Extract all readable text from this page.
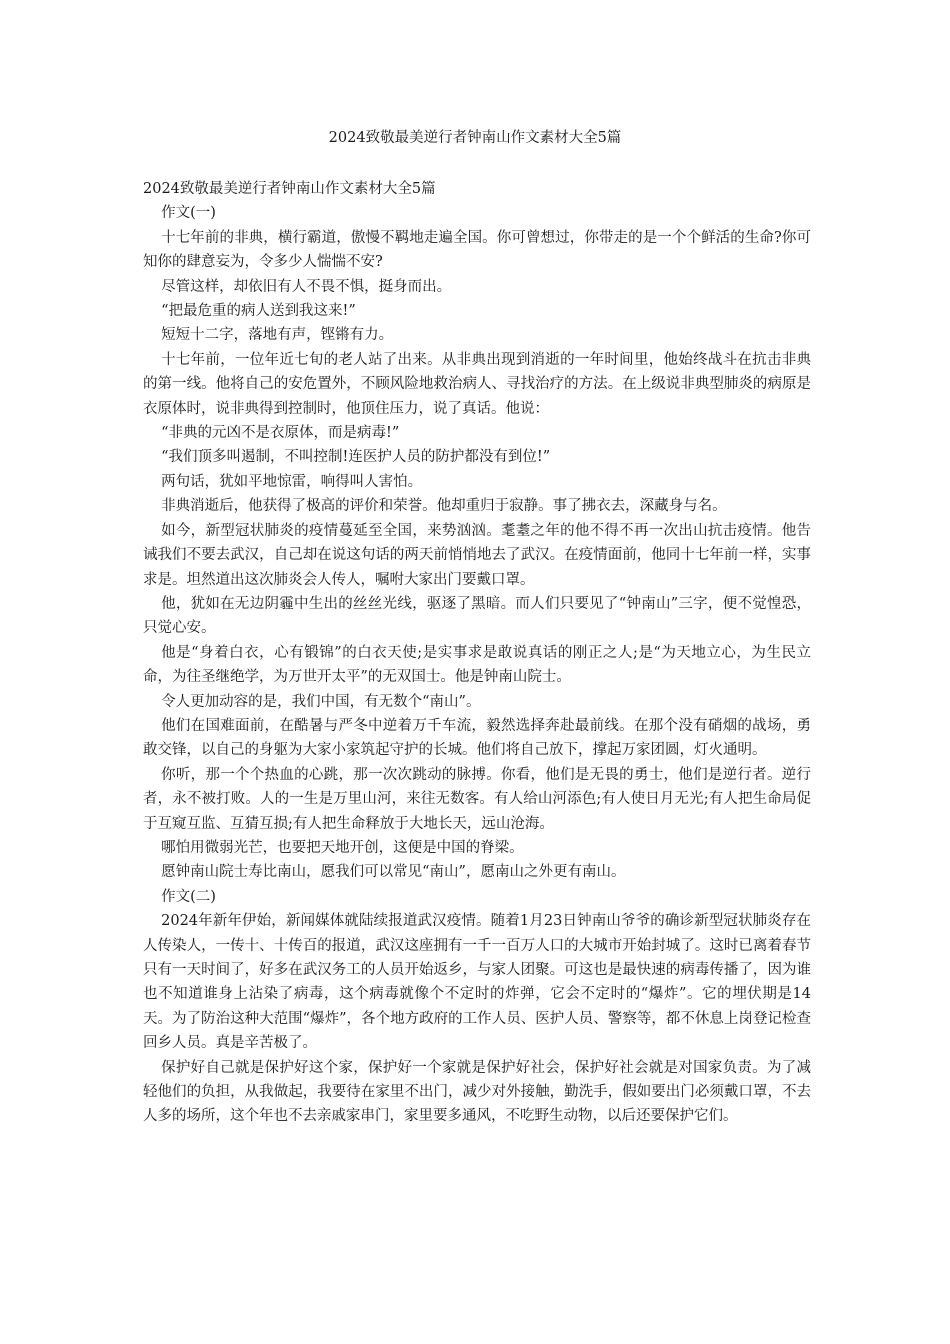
2024致敬最美逆行者钟南山作文素材大全5篇

2024致敬最美逆行者钟南山作文素材大全5篇

作文(一)

十七年前的非典，横行霸道，傲慢不羁地走遍全国。你可曾想过，你带走的是一个个鲜活的生命?你可知你的肆意妄为，令多少人惴惴不安?

尽管这样，却依旧有人不畏不惧，挺身而出。

“把最危重的病人送到我这来!”

短短十二字，落地有声，铿锵有力。

十七年前，一位年近七旬的老人站了出来。从非典出现到消逝的一年时间里，他始终战斗在抗击非典的第一线。他将自己的安危置外，不顾风险地救治病人、寻找治疗的方法。在上级说非典型肺炎的病原是衣原体时，说非典得到控制时，他顶住压力，说了真话。他说：

“非典的元凶不是衣原体，而是病毒!”

“我们顶多叫遏制，不叫控制!连医护人员的防护都没有到位!”

两句话，犹如平地惊雷，响得叫人害怕。

非典消逝后，他获得了极高的评价和荣誉。他却重归于寂静。事了拂衣去，深藏身与名。

如今，新型冠状肺炎的疫情蔓延至全国，来势汹汹。耄耋之年的他不得不再一次出山抗击疫情。他告诫我们不要去武汉，自己却在说这句话的两天前悄悄地去了武汉。在疫情面前，他同十七年前一样，实事求是。坦然道出这次肺炎会人传人，嘱咐大家出门要戴口罩。

他，犹如在无边阴霾中生出的丝丝光线，驱逐了黑暗。而人们只要见了“钟南山”三字，便不觉惶恐，只觉心安。

他是“身着白衣，心有锻锦”的白衣天使;是实事求是敢说真话的刚正之人;是“为天地立心，为生民立命，为往圣继绝学，为万世开太平”的无双国士。他是钟南山院士。

令人更加动容的是，我们中国，有无数个“南山”。

他们在国难面前，在酷暑与严冬中逆着万千车流，毅然选择奔赴最前线。在那个没有硝烟的战场，勇敢交锋，以自己的身躯为大家小家筑起守护的长城。他们将自己放下，撑起万家团圆，灯火通明。

你听，那一个个热血的心跳，那一次次跳动的脉搏。你看，他们是无畏的勇士，他们是逆行者。逆行者，永不被打败。人的一生是万里山河，来往无数客。有人给山河添色;有人使日月无光;有人把生命局促于互窥互监、互猜互损;有人把生命释放于大地长天，远山沧海。

哪怕用微弱光芒，也要把天地开创，这便是中国的脊梁。

愿钟南山院士寿比南山，愿我们可以常见“南山”，愿南山之外更有南山。

作文(二)

2024年新年伊始，新闻媒体就陆续报道武汉疫情。随着1月23日钟南山爷爷的确诊新型冠状肺炎存在人传染人，一传十、十传百的报道，武汉这座拥有一千一百万人口的大城市开始封城了。这时已离着春节只有一天时间了，好多在武汉务工的人员开始返乡，与家人团聚。可这也是最快速的病毒传播了，因为谁也不知道谁身上沾染了病毒，这个病毒就像个不定时的炸弹，它会不定时的“爆炸”。它的埋伏期是14天。为了防治这种大范围“爆炸”，各个地方政府的工作人员、医护人员、警察等，都不休息上岗登记检查回乡人员。真是辛苦极了。

保护好自己就是保护好这个家，保护好一个家就是保护好社会，保护好社会就是对国家负责。为了减轻他们的负担，从我做起，我要待在家里不出门，减少对外接触，勤洗手，假如要出门必须戴口罩，不去人多的场所，这个年也不去亲戚家串门，家里要多通风，不吃野生动物，以后还要保护它们。
